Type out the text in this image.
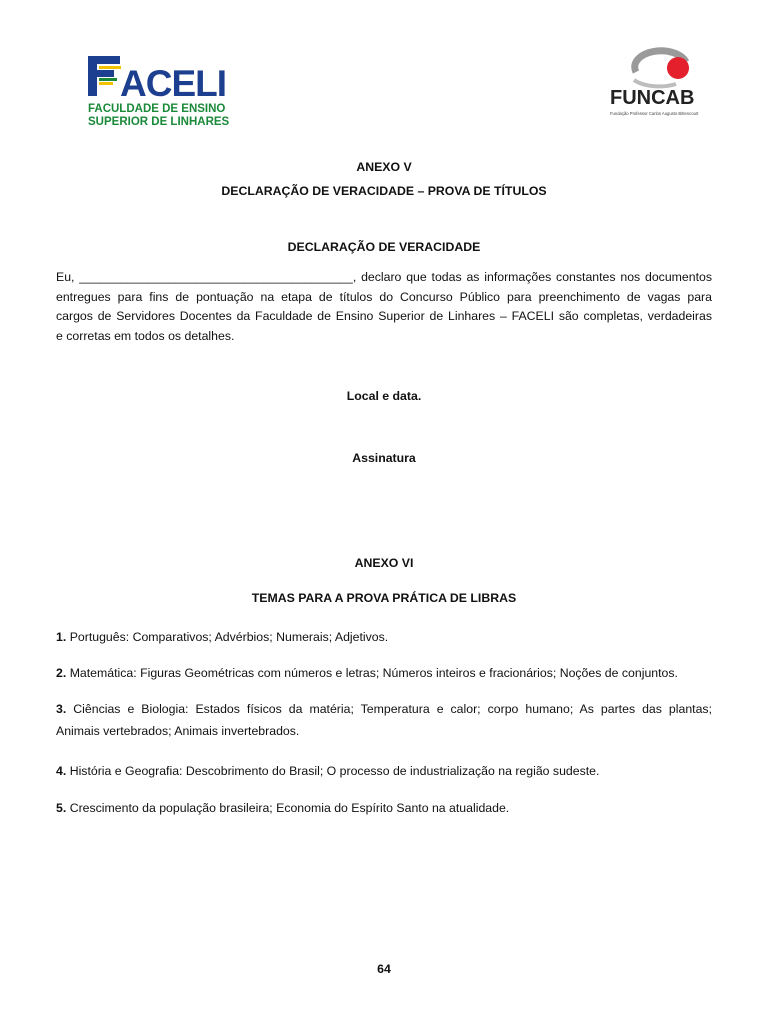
ACELI
FACULDADE DE ENSINO
SUPERIOR DE LINHARES
FUNCAB
Fundação Professor Carlos Augusto Bittencourt
ANEXO V
DECLARAÇÃO DE VERACIDADE – PROVA DE TÍTULOS
DECLARAÇÃO DE VERACIDADE
Eu, ________________________________________, declaro que todas as informações constantes nos documentos
entregues para fins de pontuação na etapa de títulos do Concurso Público para preenchimento de vagas para
cargos de Servidores Docentes da Faculdade de Ensino Superior de Linhares – FACELI são completas, verdadeiras
e corretas em todos os detalhes.
Local e data.
Assinatura
ANEXO VI
TEMAS PARA A PROVA PRÁTICA DE LIBRAS
1. Português: Comparativos; Advérbios; Numerais; Adjetivos.
2. Matemática: Figuras Geométricas com números e letras; Números inteiros e fracionários; Noções de conjuntos.
3. Ciências e Biologia: Estados físicos da matéria; Temperatura e calor; corpo humano; As partes das plantas;
Animais vertebrados; Animais invertebrados.
4. História e Geografia: Descobrimento do Brasil; O processo de industrialização na região sudeste.
5. Crescimento da população brasileira; Economia do Espírito Santo na atualidade.
64
